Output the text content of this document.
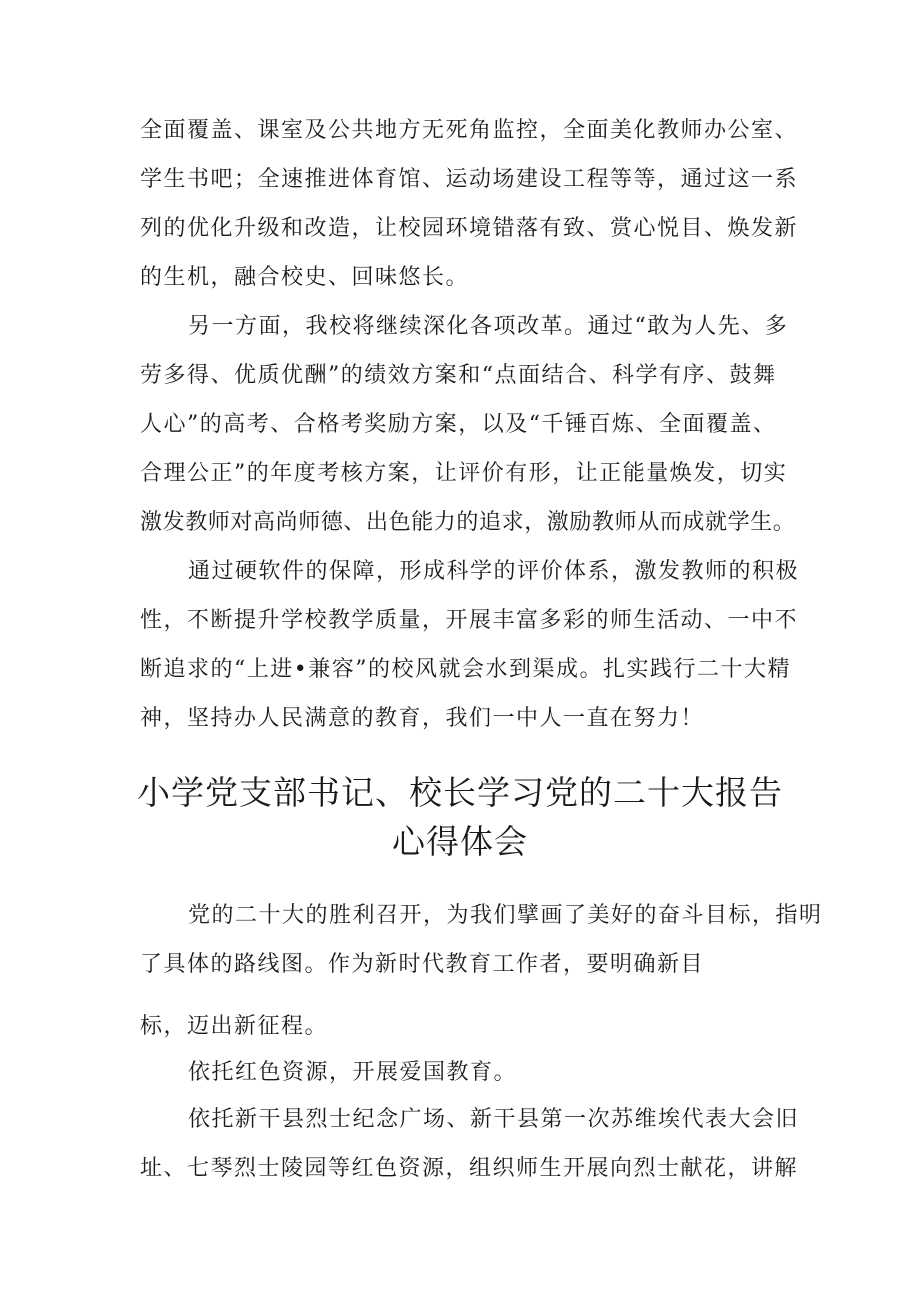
全面覆盖、课室及公共地方无死角监控，全面美化教师办公室、
学生书吧；全速推进体育馆、运动场建设工程等等，通过这一系
列的优化升级和改造，让校园环境错落有致、赏心悦目、焕发新
的生机，融合校史、回味悠长。
另一方面，我校将继续深化各项改革。通过“敢为人先、多
劳多得、优质优酬”的绩效方案和“点面结合、科学有序、鼓舞
人心”的高考、合格考奖励方案，以及“千锤百炼、全面覆盖、
合理公正”的年度考核方案，让评价有形，让正能量焕发，切实
激发教师对高尚师德、出色能力的追求，激励教师从而成就学生。
通过硬软件的保障，形成科学的评价体系，激发教师的积极
性，不断提升学校教学质量，开展丰富多彩的师生活动、一中不
断追求的“上进•兼容”的校风就会水到渠成。扎实践行二十大精
神，坚持办人民满意的教育，我们一中人一直在努力！
小学党支部书记、校长学习党的二十大报告
心得体会
党的二十大的胜利召开，为我们擘画了美好的奋斗目标，指明
了具体的路线图。作为新时代教育工作者，要明确新目
标，迈出新征程。
依托红色资源，开展爱国教育。
依托新干县烈士纪念广场、新干县第一次苏维埃代表大会旧
址、七琴烈士陵园等红色资源，组织师生开展向烈士献花，讲解
